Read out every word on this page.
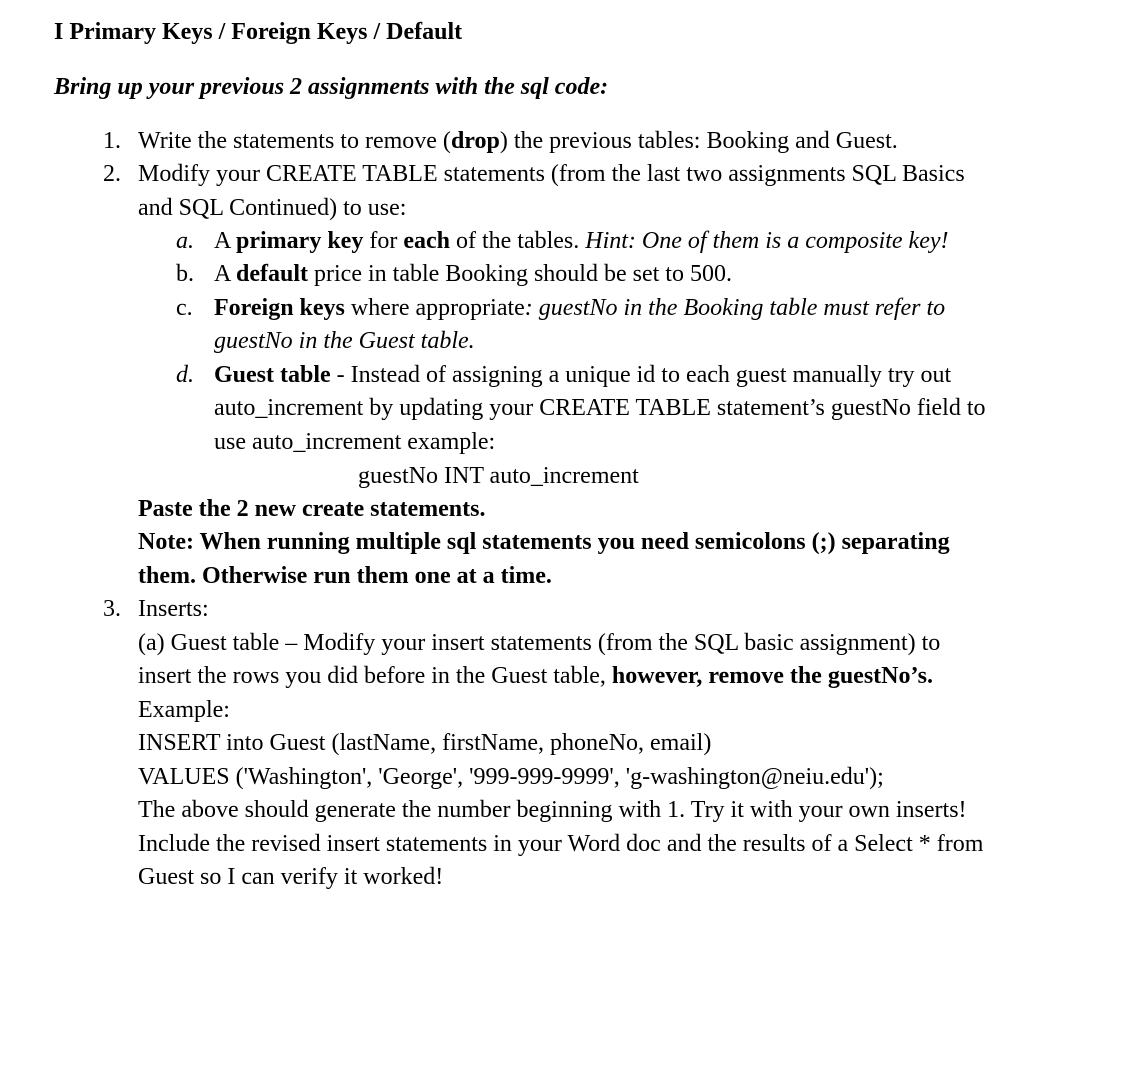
I Primary Keys / Foreign Keys / Default
Bring up your previous 2 assignments with the sql code:
1. Write the statements to remove (drop) the previous tables: Booking and Guest.
2. Modify your CREATE TABLE statements (from the last two assignments SQL Basics
and SQL Continued) to use:
a. A primary key for each of the tables. Hint: One of them is a composite key!
b. A default price in table Booking should be set to 500.
c. Foreign keys where appropriate: guestNo in the Booking table must refer to
guestNo in the Guest table.
d. Guest table - Instead of assigning a unique id to each guest manually try out
auto_increment by updating your CREATE TABLE statement’s guestNo field to
use auto_increment example:
guestNo INT auto_increment
Paste the 2 new create statements.
Note: When running multiple sql statements you need semicolons (;) separating
them. Otherwise run them one at a time.
3. Inserts:
(a) Guest table – Modify your insert statements (from the SQL basic assignment) to
insert the rows you did before in the Guest table, however, remove the guestNo’s.
Example:
INSERT into Guest (lastName, firstName, phoneNo, email)
VALUES ('Washington', 'George', '999-999-9999', 'g-washington@neiu.edu');
The above should generate the number beginning with 1. Try it with your own inserts!
Include the revised insert statements in your Word doc and the results of a Select * from
Guest so I can verify it worked!
